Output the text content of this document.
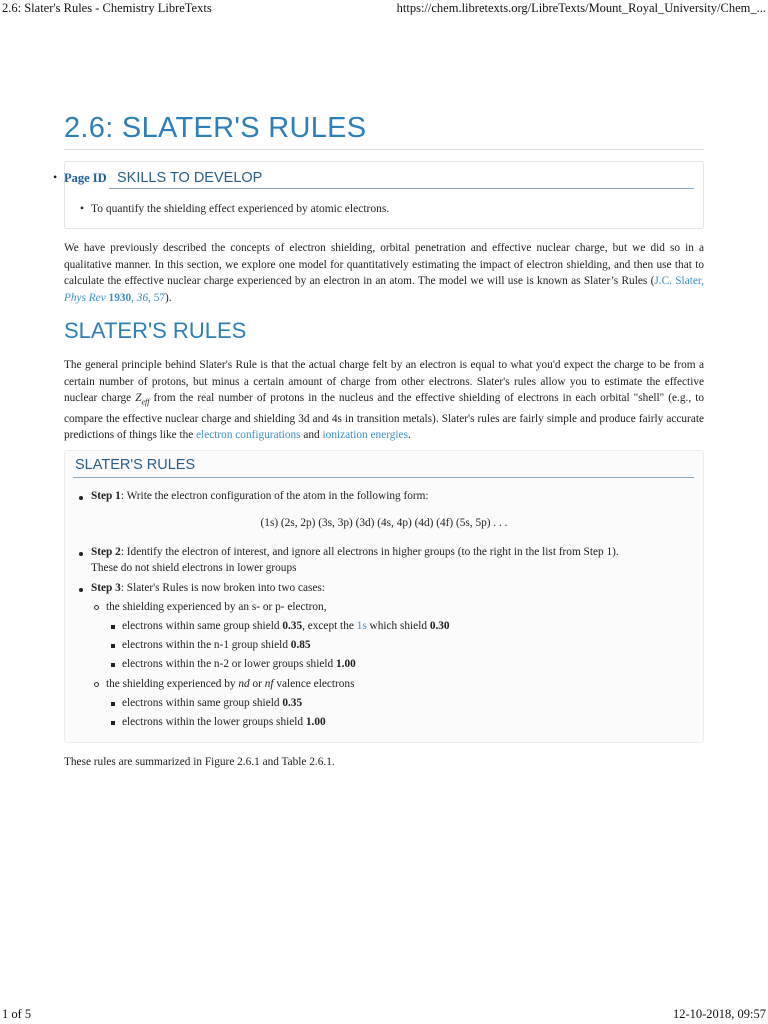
2.6: Slater's Rules - Chemistry LibreTexts	https://chem.libretexts.org/LibreTexts/Mount_Royal_University/Chem_...
2.6: SLATER'S RULES
Page ID
•	SKILLS TO DEVELOP
• To quantify the shielding effect experienced by atomic electrons.
We have previously described the concepts of electron shielding, orbital penetration and effective nuclear charge, but we did so in a qualitative manner. In this section, we explore one model for quantitatively estimating the impact of electron shielding, and then use that to calculate the effective nuclear charge experienced by an electron in an atom. The model we will use is known as Slater’s Rules (J.C. Slater, Phys Rev 1930, 36, 57).
SLATER'S RULES
The general principle behind Slater's Rule is that the actual charge felt by an electron is equal to what you'd expect the charge to be from a certain number of protons, but minus a certain amount of charge from other electrons. Slater's rules allow you to estimate the effective nuclear charge $Z_{eff}$ from the real number of protons in the nucleus and the effective shielding of electrons in each orbital "shell" (e.g., to compare the effective nuclear charge and shielding 3d and 4s in transition metals). Slater's rules are fairly simple and produce fairly accurate predictions of things like the electron configurations and ionization energies.
SLATER'S RULES
Step 1: Write the electron configuration of the atom in the following form:
(1s) (2s, 2p) (3s, 3p) (3d) (4s, 4p) (4d) (4f) (5s, 5p) . . .
Step 2: Identify the electron of interest, and ignore all electrons in higher groups (to the right in the list from Step 1).
These do not shield electrons in lower groups
Step 3: Slater's Rules is now broken into two cases:
the shielding experienced by an s- or p- electron,
electrons within same group shield 0.35, except the 1s which shield 0.30
electrons within the n-1 group shield 0.85
electrons within the n-2 or lower groups shield 1.00
the shielding experienced by nd or nf valence electrons
electrons within same group shield 0.35
electrons within the lower groups shield 1.00
These rules are summarized in Figure 2.6.1 and Table 2.6.1.
1 of 5	12-10-2018, 09:57
